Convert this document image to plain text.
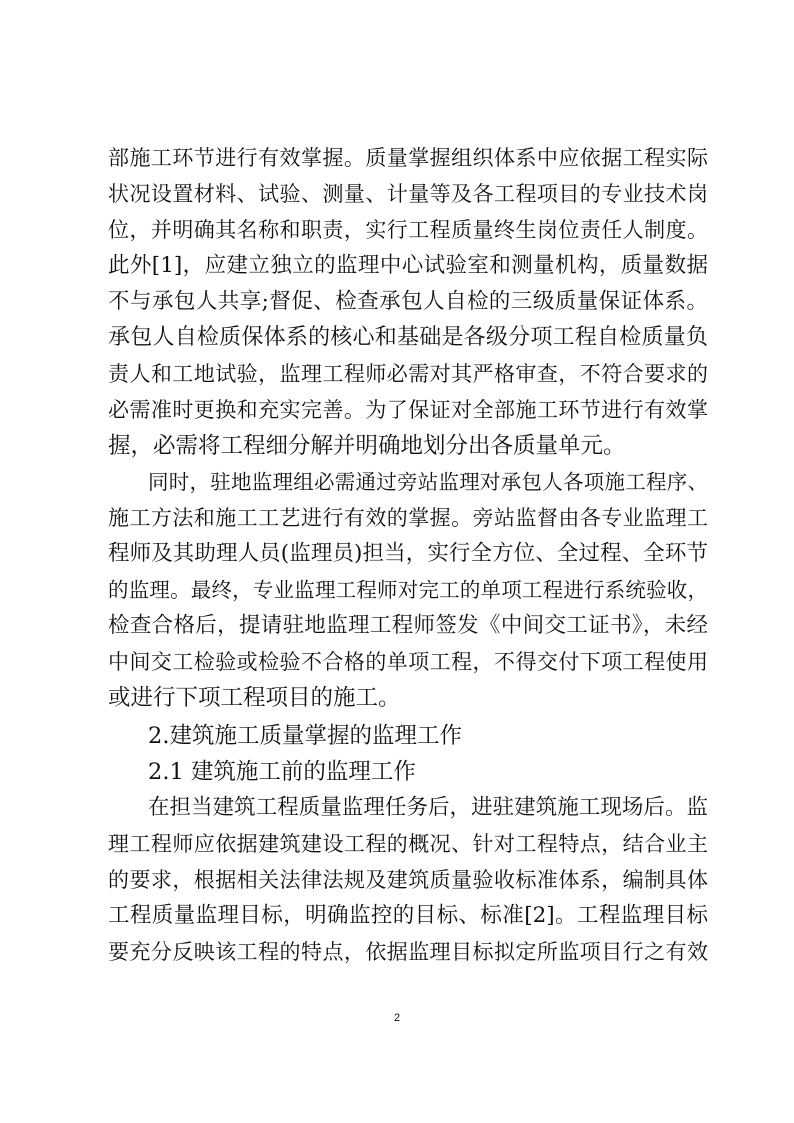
部施工环节进行有效掌握。质量掌握组织体系中应依据工程实际
状况设置材料、试验、测量、计量等及各工程项目的专业技术岗
位，并明确其名称和职责，实行工程质量终生岗位责任人制度。
此外[1]，应建立独立的监理中心试验室和测量机构，质量数据
不与承包人共享;督促、检查承包人自检的三级质量保证体系。
承包人自检质保体系的核心和基础是各级分项工程自检质量负
责人和工地试验，监理工程师必需对其严格审查，不符合要求的
必需准时更换和充实完善。为了保证对全部施工环节进行有效掌
握，必需将工程细分解并明确地划分出各质量单元。
同时，驻地监理组必需通过旁站监理对承包人各项施工程序、
施工方法和施工工艺进行有效的掌握。旁站监督由各专业监理工
程师及其助理人员(监理员)担当，实行全方位、全过程、全环节
的监理。最终，专业监理工程师对完工的单项工程进行系统验收，
检查合格后，提请驻地监理工程师签发《中间交工证书》，未经
中间交工检验或检验不合格的单项工程，不得交付下项工程使用
或进行下项工程项目的施工。
2.建筑施工质量掌握的监理工作
2.1 建筑施工前的监理工作
在担当建筑工程质量监理任务后，进驻建筑施工现场后。监
理工程师应依据建筑建设工程的概况、针对工程特点，结合业主
的要求，根据相关法律法规及建筑质量验收标准体系，编制具体
工程质量监理目标，明确监控的目标、标准[2]。工程监理目标
要充分反映该工程的特点，依据监理目标拟定所监项目行之有效
2
